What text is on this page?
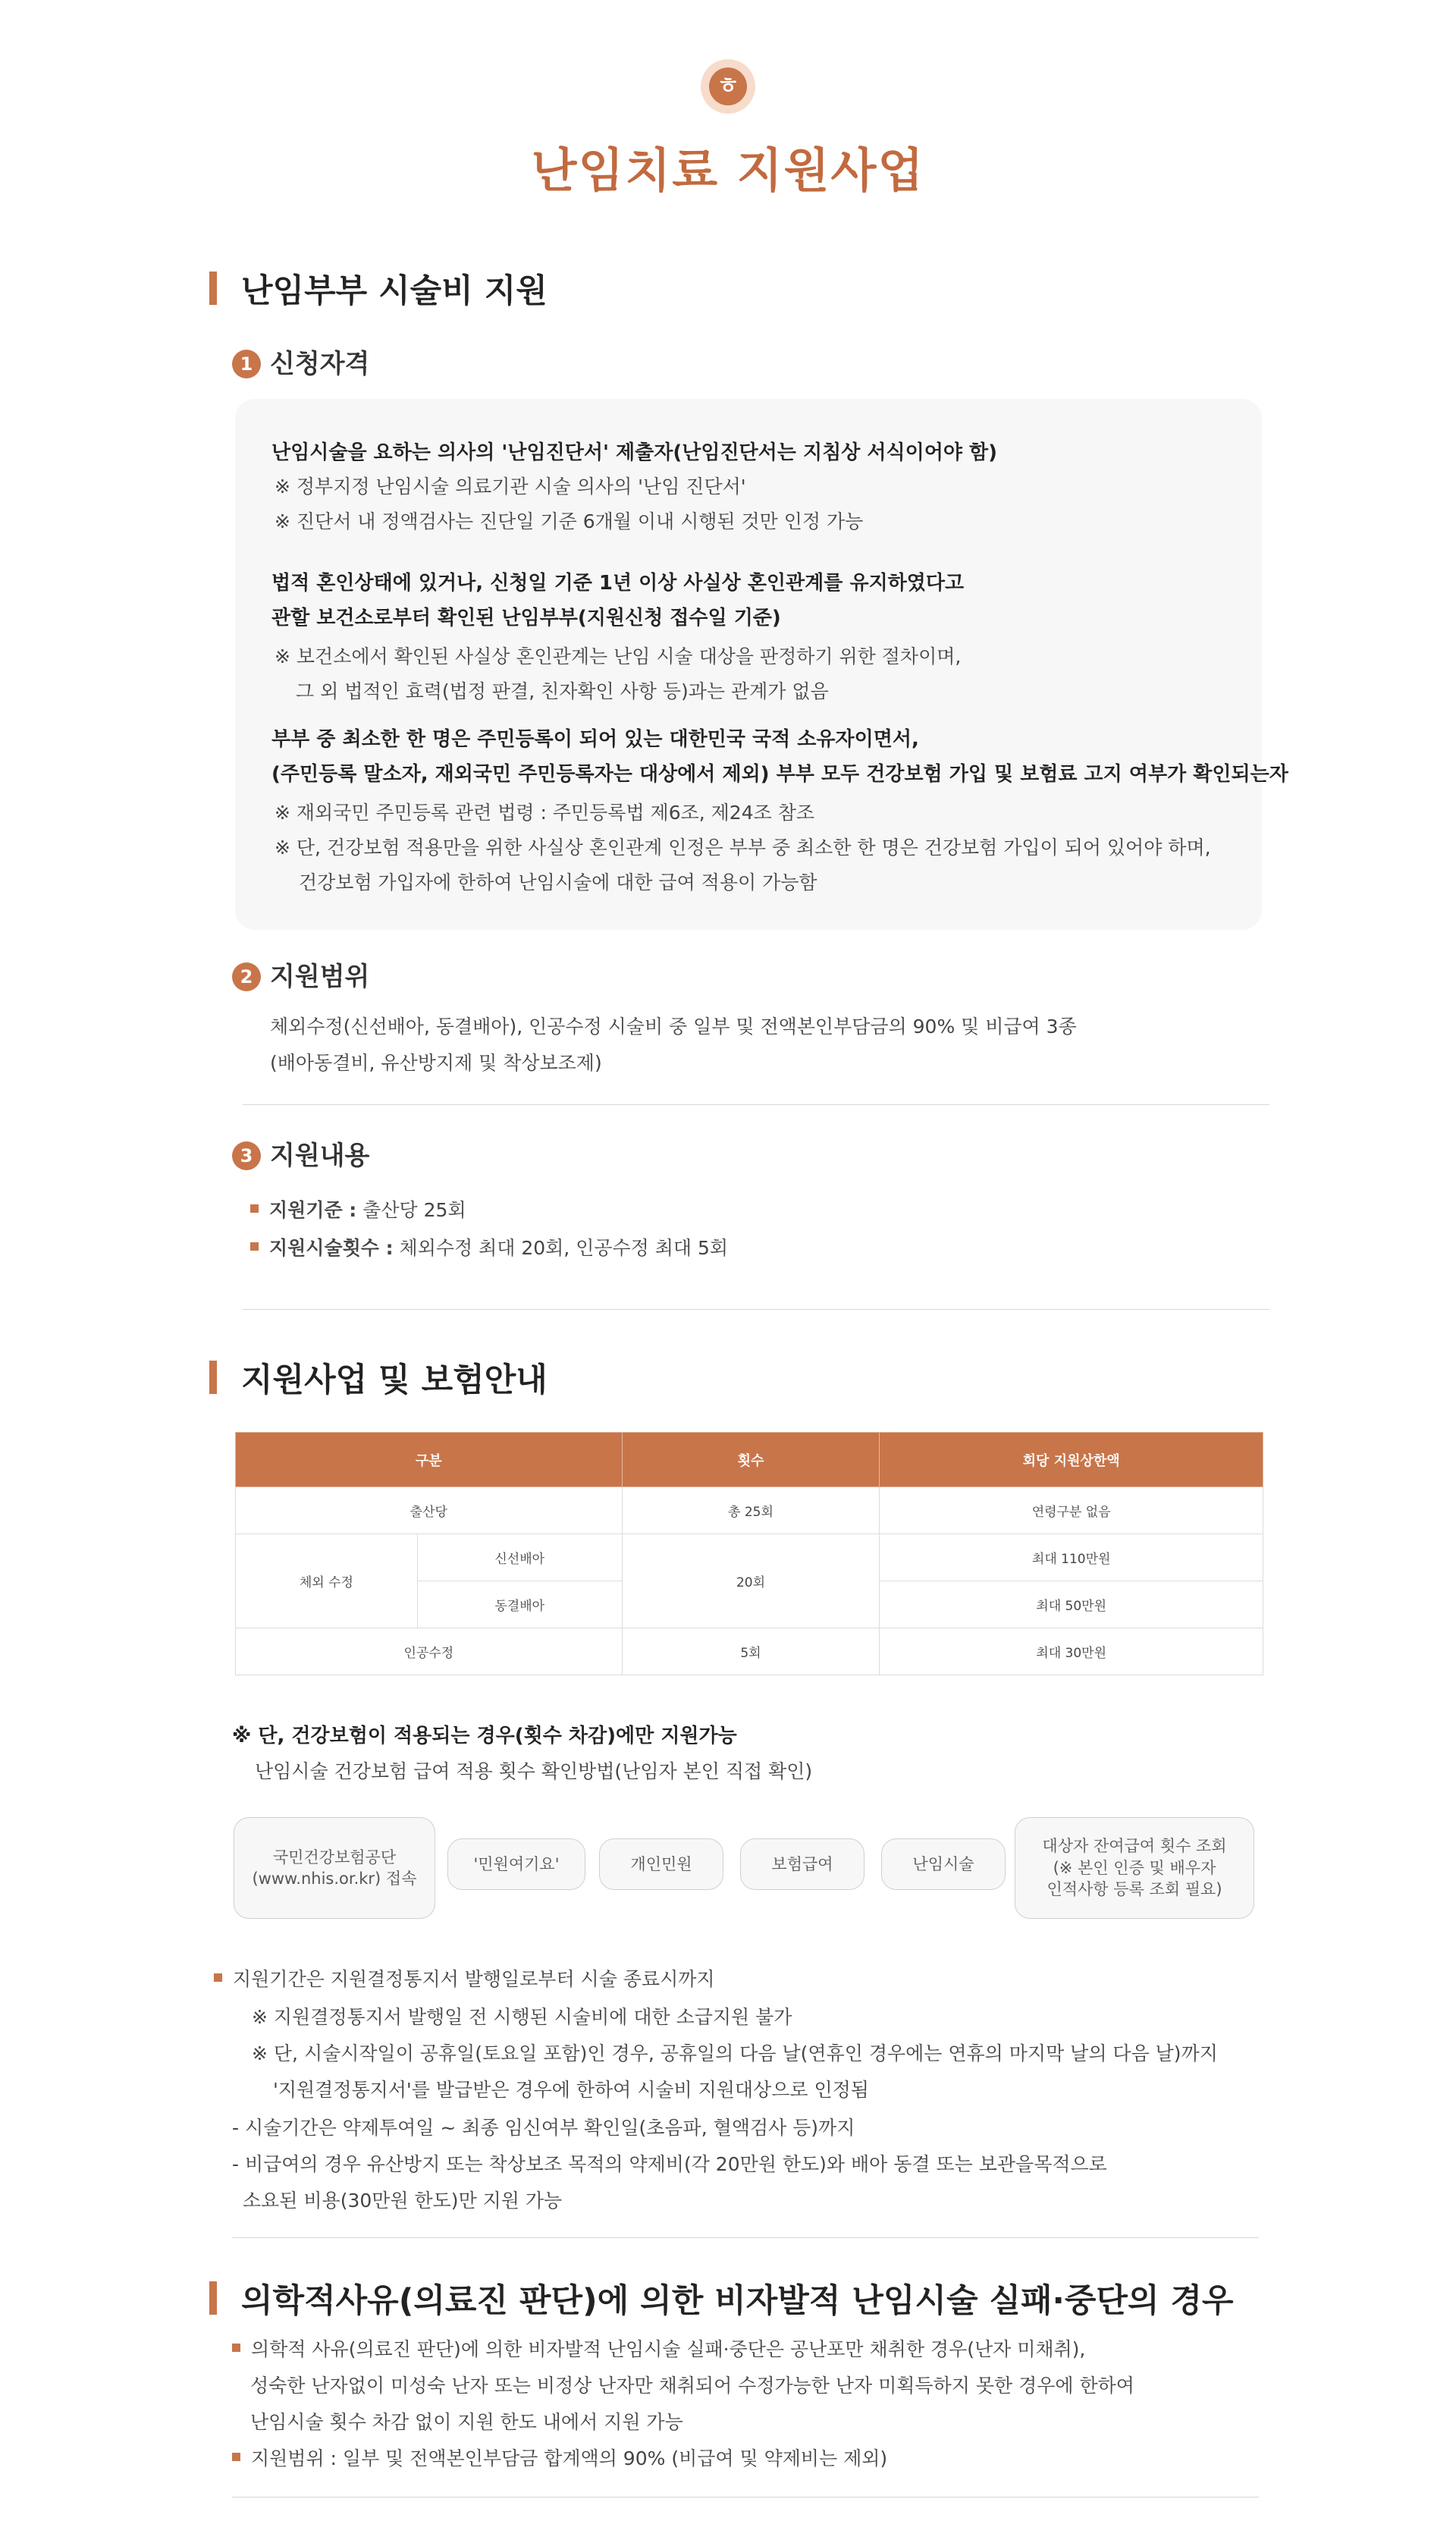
ㅎ
난임치료 지원사업
난임부부 시술비 지원
1 신청자격
난임시술을 요하는 의사의 '난임진단서' 제출자(난임진단서는 지침상 서식이어야 함)
※ 정부지정 난임시술 의료기관 시술 의사의 '난임 진단서'
※ 진단서 내 정액검사는 진단일 기준 6개월 이내 시행된 것만 인정 가능
법적 혼인상태에 있거나, 신청일 기준 1년 이상 사실상 혼인관계를 유지하였다고
관할 보건소로부터 확인된 난임부부(지원신청 접수일 기준)
※ 보건소에서 확인된 사실상 혼인관계는 난임 시술 대상을 판정하기 위한 절차이며,
그 외 법적인 효력(법정 판결, 친자확인 사항 등)과는 관계가 없음
부부 중 최소한 한 명은 주민등록이 되어 있는 대한민국 국적 소유자이면서,
(주민등록 말소자, 재외국민 주민등록자는 대상에서 제외) 부부 모두 건강보험 가입 및 보험료 고지 여부가 확인되는자
※ 재외국민 주민등록 관련 법령 : 주민등록법 제6조, 제24조 참조
※ 단, 건강보험 적용만을 위한 사실상 혼인관계 인정은 부부 중 최소한 한 명은 건강보험 가입이 되어 있어야 하며,
건강보험 가입자에 한하여 난임시술에 대한 급여 적용이 가능함
2 지원범위
체외수정(신선배아, 동결배아), 인공수정 시술비 중 일부 및 전액본인부담금의 90% 및 비급여 3종
(배아동결비, 유산방지제 및 착상보조제)
3 지원내용
지원기준 : 출산당 25회
지원시술횟수 : 체외수정 최대 20회, 인공수정 최대 5회
지원사업 및 보험안내
구분		횟수	회당 지원상한액
출산당		총 25회	연령구분 없음
체외 수정	신선배아	20회	최대 110만원
	동결배아		최대 50만원
인공수정		5회	최대 30만원
※ 단, 건강보험이 적용되는 경우(횟수 차감)에만 지원가능
난임시술 건강보험 급여 적용 횟수 확인방법(난임자 본인 직접 확인)
국민건강보험공단
(www.nhis.or.kr) 접속
'민원여기요'	개인민원	보험급여	난임시술
대상자 잔여급여 횟수 조회
(※ 본인 인증 및 배우자
인적사항 등록 조회 필요)
지원기간은 지원결정통지서 발행일로부터 시술 종료시까지
※ 지원결정통지서 발행일 전 시행된 시술비에 대한 소급지원 불가
※ 단, 시술시작일이 공휴일(토요일 포함)인 경우, 공휴일의 다음 날(연휴인 경우에는 연휴의 마지막 날의 다음 날)까지
'지원결정통지서'를 발급받은 경우에 한하여 시술비 지원대상으로 인정됨
- 시술기간은 약제투여일 ~ 최종 임신여부 확인일(초음파, 혈액검사 등)까지
- 비급여의 경우 유산방지 또는 착상보조 목적의 약제비(각 20만원 한도)와 배아 동결 또는 보관을목적으로
소요된 비용(30만원 한도)만 지원 가능
의학적사유(의료진 판단)에 의한 비자발적 난임시술 실패·중단의 경우
의학적 사유(의료진 판단)에 의한 비자발적 난임시술 실패·중단은 공난포만 채취한 경우(난자 미채취),
성숙한 난자없이 미성숙 난자 또는 비정상 난자만 채취되어 수정가능한 난자 미획득하지 못한 경우에 한하여
난임시술 횟수 차감 없이 지원 한도 내에서 지원 가능
지원범위 : 일부 및 전액본인부담금 합계액의 90% (비급여 및 약제비는 제외)
